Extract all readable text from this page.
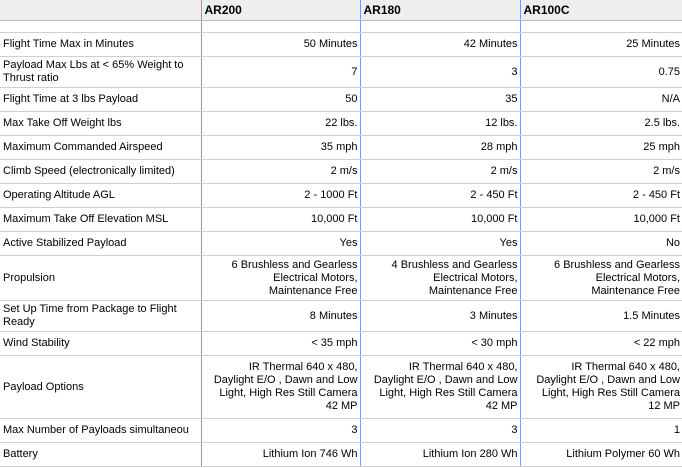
	AR200	AR180	AR100C

Flight Time Max in Minutes	50 Minutes	42 Minutes	25 Minutes
Payload Max Lbs at < 65% Weight to Thrust ratio	7	3	0.75
Flight Time at 3 lbs Payload	50	35	N/A
Max Take Off Weight lbs	22 lbs.	12 lbs.	2.5 lbs.
Maximum Commanded Airspeed	35 mph	28 mph	25 mph
Climb Speed (electronically limited)	2 m/s	2 m/s	2 m/s
Operating Altitude AGL	2 - 1000 Ft	2 - 450 Ft	2 - 450 Ft
Maximum Take Off Elevation MSL	10,000 Ft	10,000 Ft	10,000 Ft
Active Stabilized Payload	Yes	Yes	No
Propulsion	6 Brushless and Gearless
Electrical Motors,
Maintenance Free	4 Brushless and Gearless
Electrical Motors,
Maintenance Free	6 Brushless and Gearless
Electrical Motors,
Maintenance Free
Set Up Time from Package to Flight Ready	8 Minutes	3 Minutes	1.5 Minutes
Wind Stability	< 35 mph	< 30 mph	< 22 mph
Payload Options	IR Thermal 640 x 480,
Daylight E/O , Dawn and Low
Light, High Res Still Camera
42 MP	IR Thermal 640 x 480,
Daylight E/O , Dawn and Low
Light, High Res Still Camera
42 MP	IR Thermal 640 x 480,
Daylight E/O , Dawn and Low
Light, High Res Still Camera
12 MP
Max Number of Payloads simultaneou	3	3	1
Battery	Lithium Ion 746 Wh	Lithium Ion 280 Wh	Lithium Polymer 60 Wh
